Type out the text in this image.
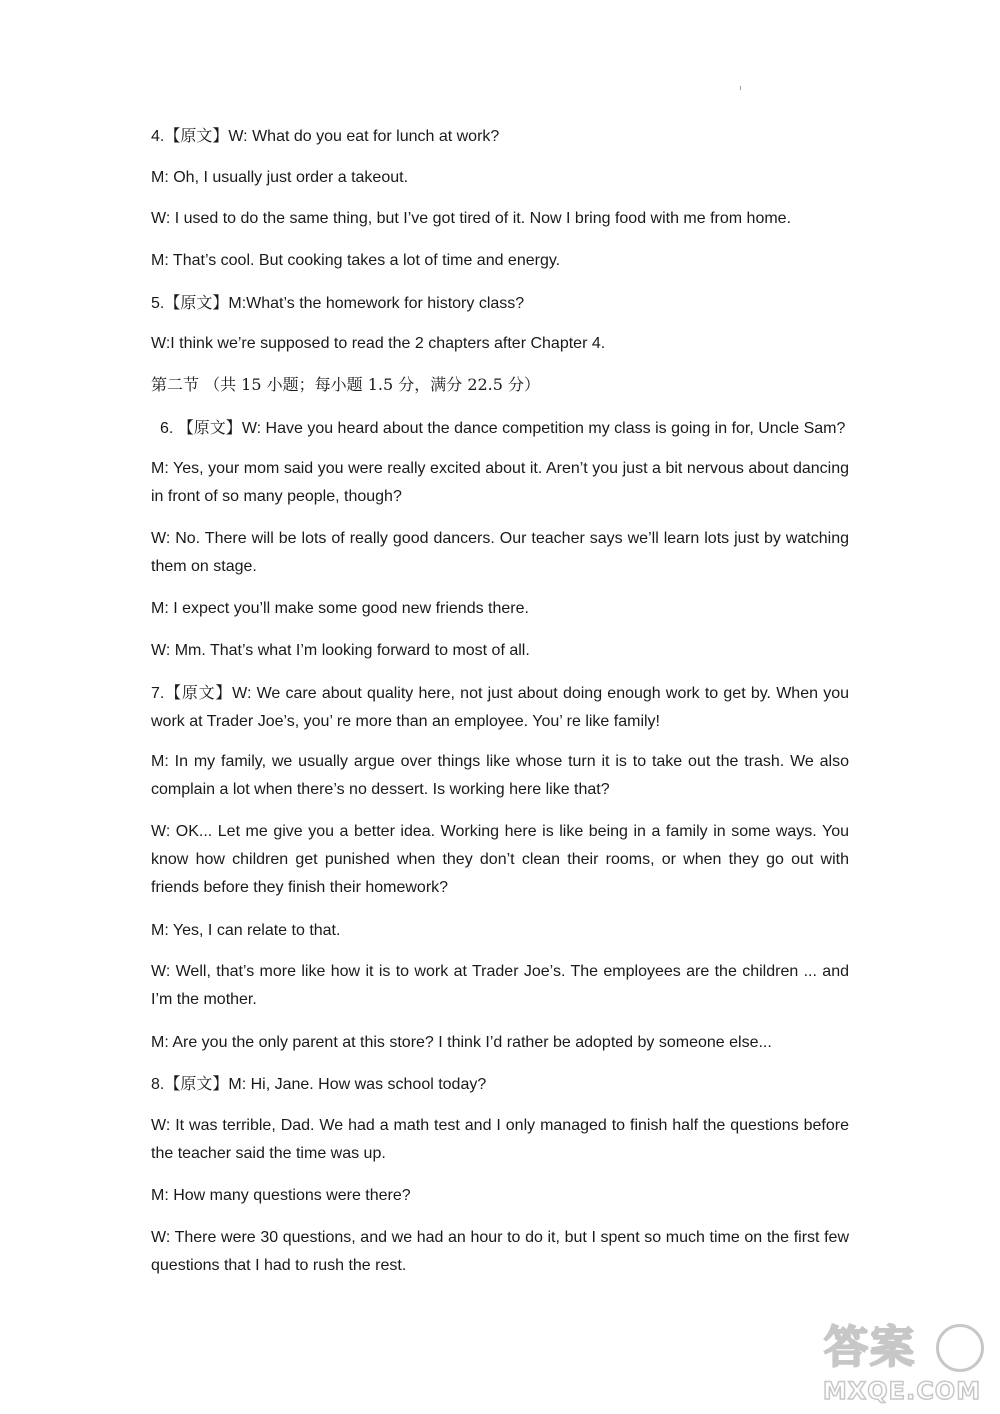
4.【原文】W: What do you eat for lunch at work?

M: Oh, I usually just order a takeout.

W: I used to do the same thing, but I’ve got tired of it. Now I bring food with me from home.

M: That’s cool. But cooking takes a lot of time and energy.

5.【原文】M:What’s the homework for history class?

W:I think we’re supposed to read the 2 chapters after Chapter 4.

第二节 （共 15 小题；每小题 1.5 分，满分 22.5 分）

6. 【原文】W: Have you heard about the dance competition my class is going in for, Uncle Sam?

M: Yes, your mom said you were really excited about it. Aren’t you just a bit nervous about dancing in front of so many people, though?

W: No. There will be lots of really good dancers. Our teacher says we’ll learn lots just by watching them on stage.

M: I expect you’ll make some good new friends there.

W: Mm. That’s what I’m looking forward to most of all.

7.【原文】W: We care about quality here, not just about doing enough work to get by. When you work at Trader Joe’s, you’ re more than an employee. You’ re like family!

M: In my family, we usually argue over things like whose turn it is to take out the trash. We also complain a lot when there’s no dessert. Is working here like that?

W: OK... Let me give you a better idea. Working here is like being in a family in some ways. You know how children get punished when they don’t clean their rooms, or when they go out with friends before they finish their homework?

M: Yes, I can relate to that.

W: Well, that’s more like how it is to work at Trader Joe’s. The employees are the children ... and I’m the mother.

M: Are you the only parent at this store? I think I’d rather be adopted by someone else...

8.【原文】M: Hi, Jane. How was school today?

W: It was terrible, Dad. We had a math test and I only managed to finish half the questions before the teacher said the time was up.

M: How many questions were there?

W: There were 30 questions, and we had an hour to do it, but I spent so much time on the first few questions that I had to rush the rest.

答案
MXQE.COM
